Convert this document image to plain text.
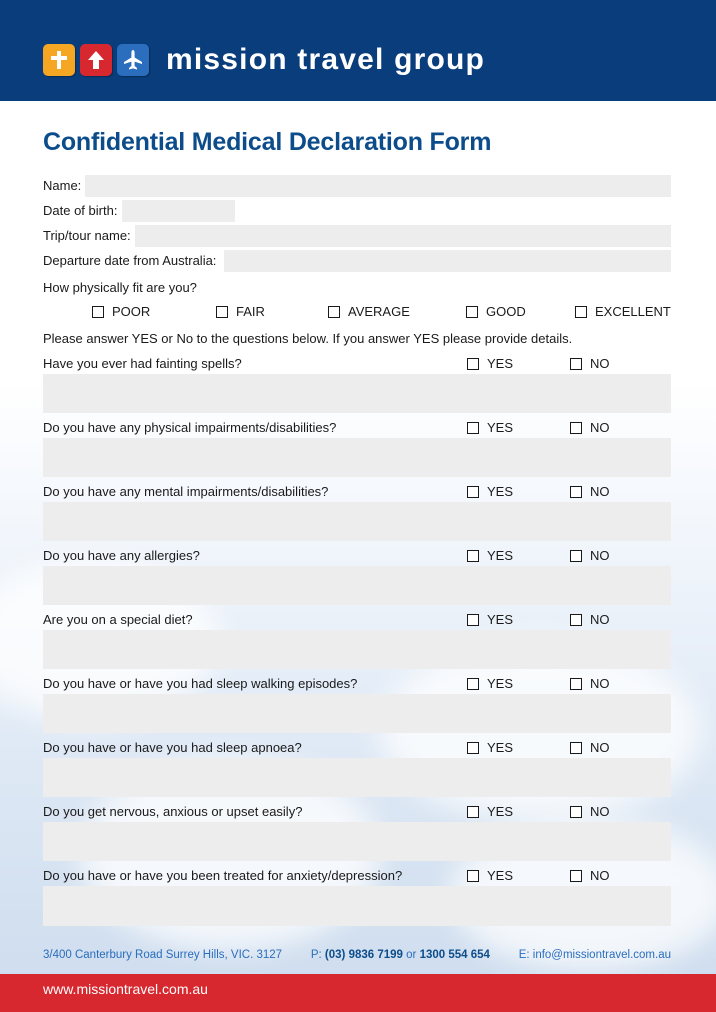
mission travel group
Confidential Medical Declaration Form
Name:
Date of birth:
Trip/tour name:
Departure date from Australia:
How physically fit are you?
POOR	FAIR	AVERAGE	GOOD	EXCELLENT
Please answer YES or No to the questions below. If you answer YES please provide details.
Have you ever had fainting spells?	YES	NO
Do you have any physical impairments/disabilities?	YES	NO
Do you have any mental impairments/disabilities?	YES	NO
Do you have any allergies?	YES	NO
Are you on a special diet?	YES	NO
Do you have or have you had sleep walking episodes?	YES	NO
Do you have or have you had sleep apnoea?	YES	NO
Do you get nervous, anxious or upset easily?	YES	NO
Do you have or have you been treated for anxiety/depression?	YES	NO
3/400 Canterbury Road Surrey Hills, VIC. 3127	P: (03) 9836 7199 or 1300 554 654	E: info@missiontravel.com.au
www.missiontravel.com.au
